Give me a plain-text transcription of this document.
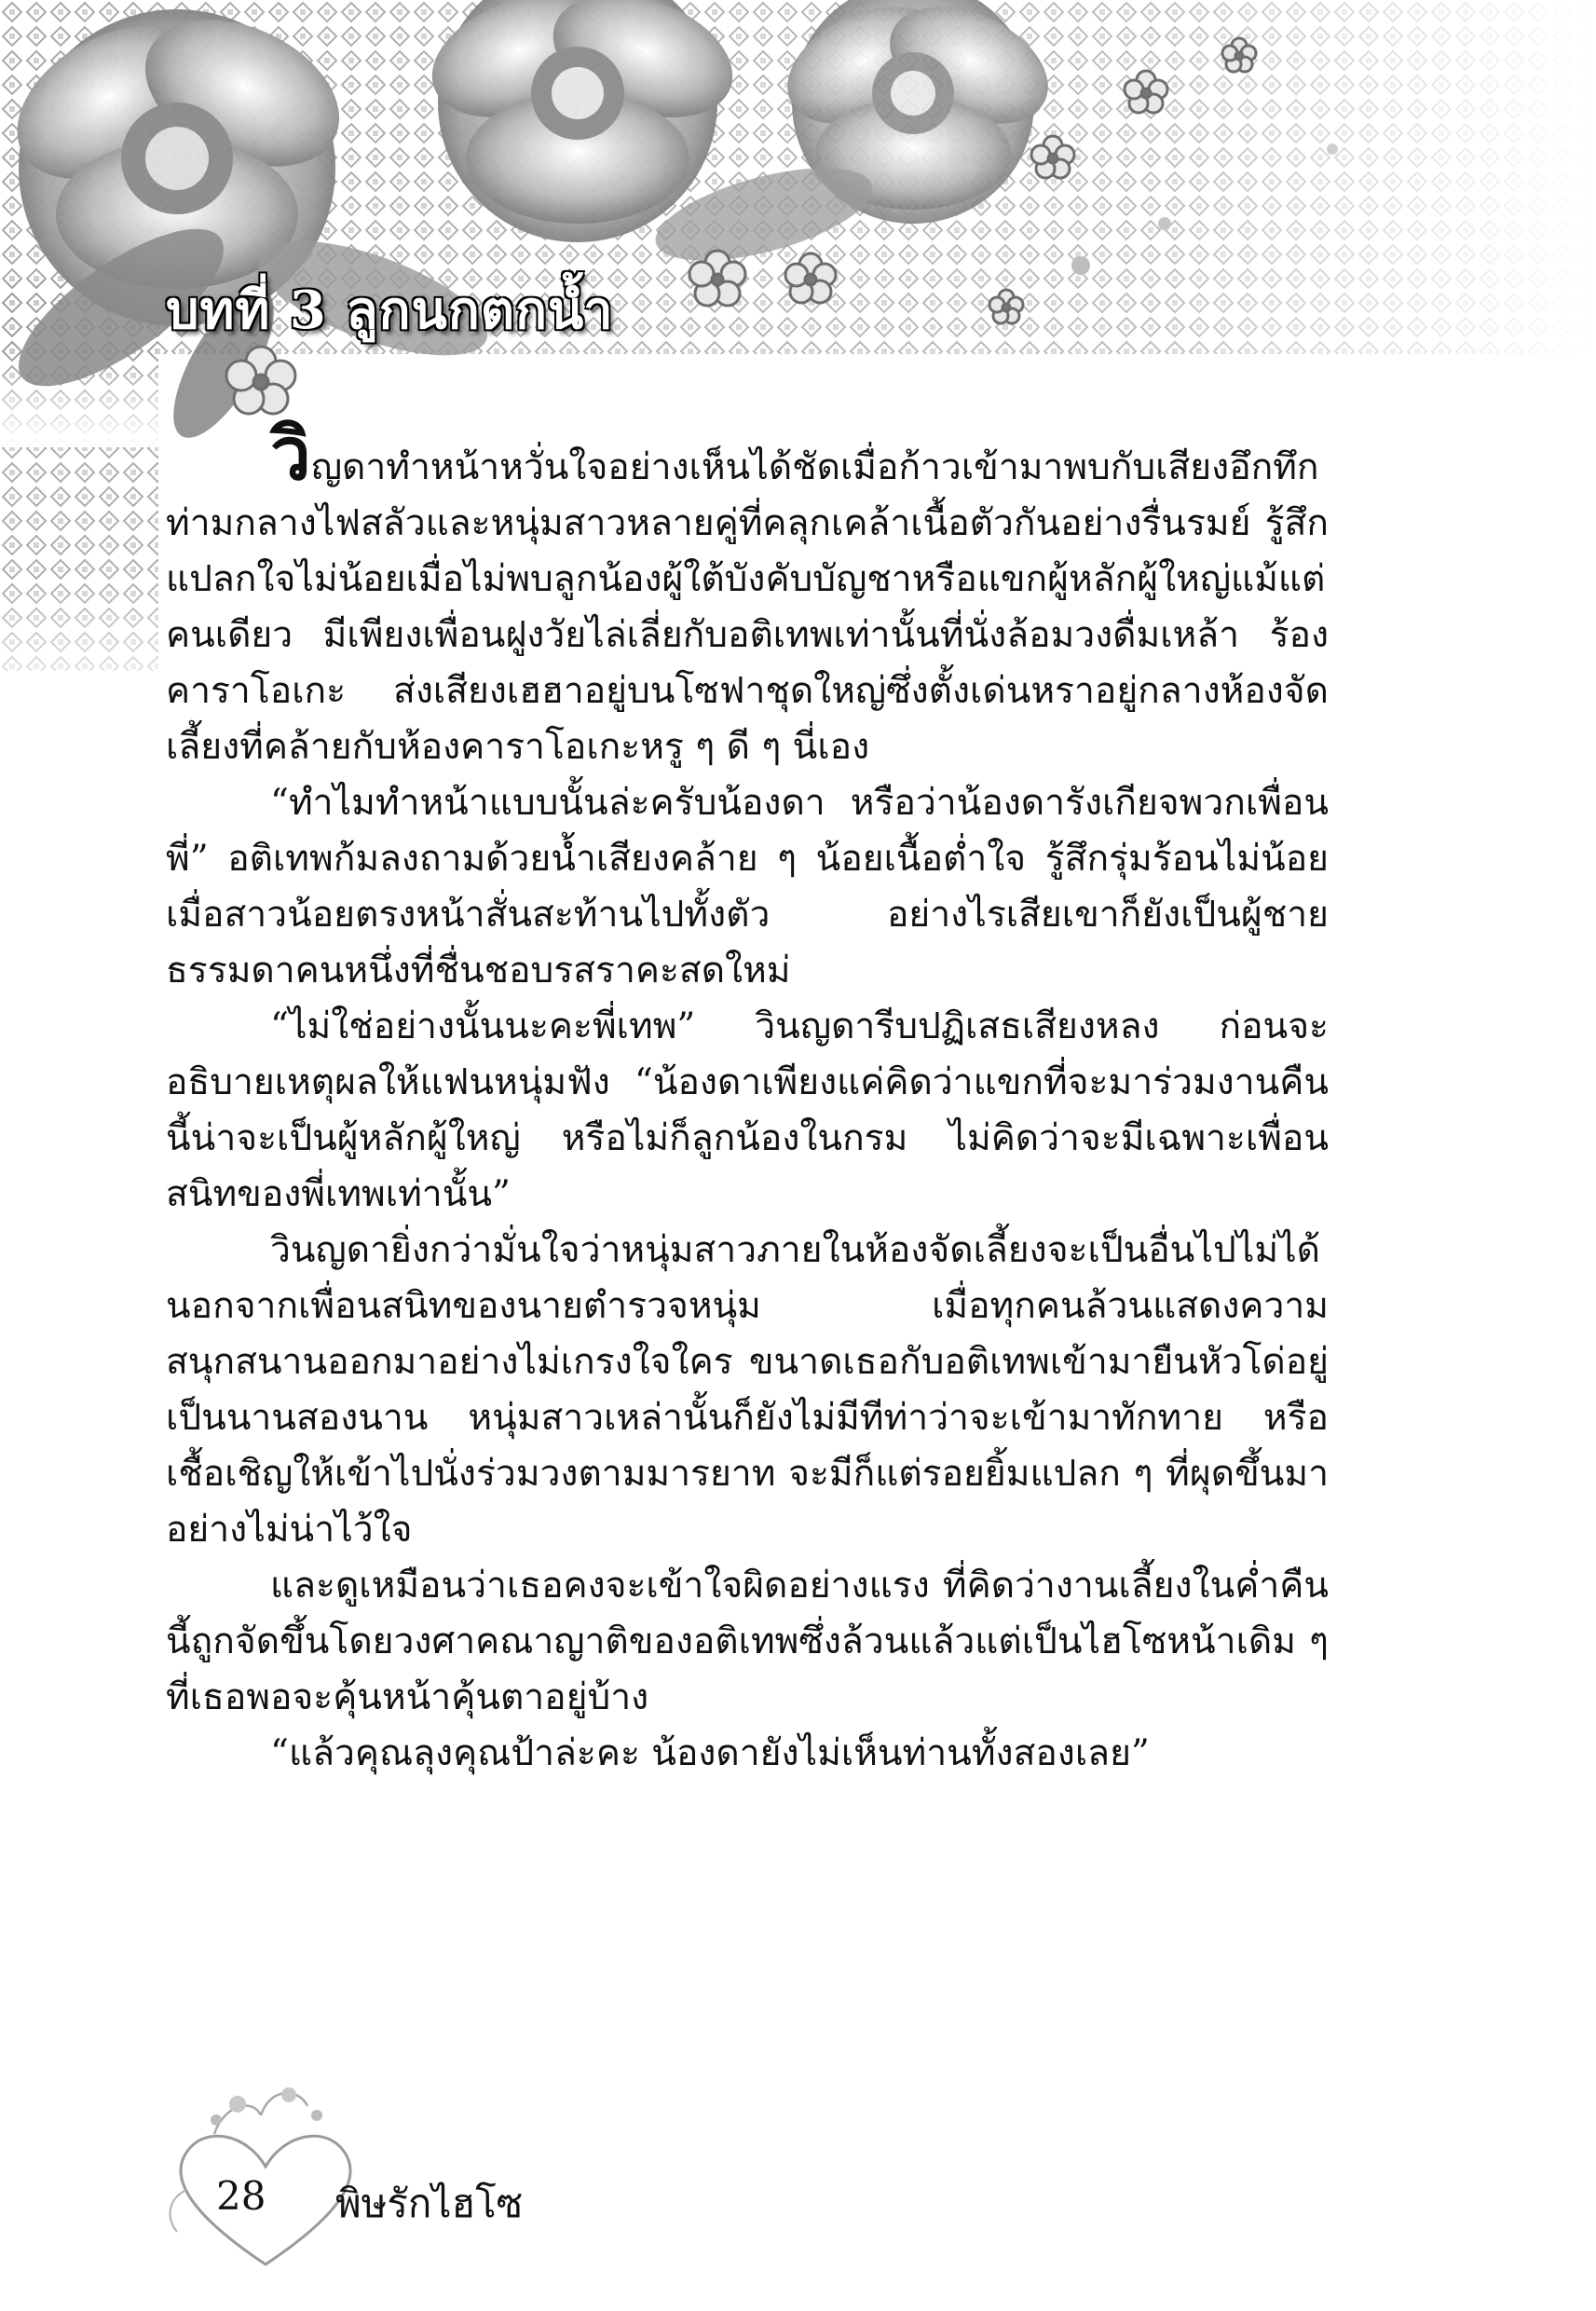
บทที่ 3 ลูกนกตกน้ำ

วิญดาทำหน้าหวั่นใจอย่างเห็นได้ชัดเมื่อก้าวเข้ามาพบกับเสียงอึกทึกท่ามกลางไฟสลัวและหนุ่มสาวหลายคู่ที่คลุกเคล้าเนื้อตัวกันอย่างรื่นรมย์ รู้สึกแปลกใจไม่น้อยเมื่อไม่พบลูกน้องผู้ใต้บังคับบัญชาหรือแขกผู้หลักผู้ใหญ่แม้แต่คนเดียว มีเพียงเพื่อนฝูงวัยไล่เลี่ยกับอติเทพเท่านั้นที่นั่งล้อมวงดื่มเหล้า ร้องคาราโอเกะ ส่งเสียงเฮฮาอยู่บนโซฟาชุดใหญ่ซึ่งตั้งเด่นหราอยู่กลางห้องจัดเลี้ยงที่คล้ายกับห้องคาราโอเกะหรู ๆ ดี ๆ นี่เอง

“ทำไมทำหน้าแบบนั้นล่ะครับน้องดา หรือว่าน้องดารังเกียจพวกเพื่อนพี่” อติเทพก้มลงถามด้วยน้ำเสียงคล้าย ๆ น้อยเนื้อต่ำใจ รู้สึกรุ่มร้อนไม่น้อยเมื่อสาวน้อยตรงหน้าสั่นสะท้านไปทั้งตัว อย่างไรเสียเขาก็ยังเป็นผู้ชายธรรมดาคนหนึ่งที่ชื่นชอบรสราคะสดใหม่

“ไม่ใช่อย่างนั้นนะคะพี่เทพ” วินญดารีบปฏิเสธเสียงหลง ก่อนจะอธิบายเหตุผลให้แฟนหนุ่มฟัง “น้องดาเพียงแค่คิดว่าแขกที่จะมาร่วมงานคืนนี้น่าจะเป็นผู้หลักผู้ใหญ่ หรือไม่ก็ลูกน้องในกรม ไม่คิดว่าจะมีเฉพาะเพื่อนสนิทของพี่เทพเท่านั้น”

วินญดายิ่งกว่ามั่นใจว่าหนุ่มสาวภายในห้องจัดเลี้ยงจะเป็นอื่นไปไม่ได้นอกจากเพื่อนสนิทของนายตำรวจหนุ่ม เมื่อทุกคนล้วนแสดงความสนุกสนานออกมาอย่างไม่เกรงใจใคร ขนาดเธอกับอติเทพเข้ามายืนหัวโด่อยู่เป็นนานสองนาน หนุ่มสาวเหล่านั้นก็ยังไม่มีทีท่าว่าจะเข้ามาทักทาย หรือเชื้อเชิญให้เข้าไปนั่งร่วมวงตามมารยาท จะมีก็แต่รอยยิ้มแปลก ๆ ที่ผุดขึ้นมาอย่างไม่น่าไว้ใจ

และดูเหมือนว่าเธอคงจะเข้าใจผิดอย่างแรง ที่คิดว่างานเลี้ยงในค่ำคืนนี้ถูกจัดขึ้นโดยวงศาคณาญาติของอติเทพซึ่งล้วนแล้วแต่เป็นไฮโซหน้าเดิม ๆ ที่เธอพอจะคุ้นหน้าคุ้นตาอยู่บ้าง

“แล้วคุณลุงคุณป้าล่ะคะ น้องดายังไม่เห็นท่านทั้งสองเลย”

28 พิษรักไฮโซ
